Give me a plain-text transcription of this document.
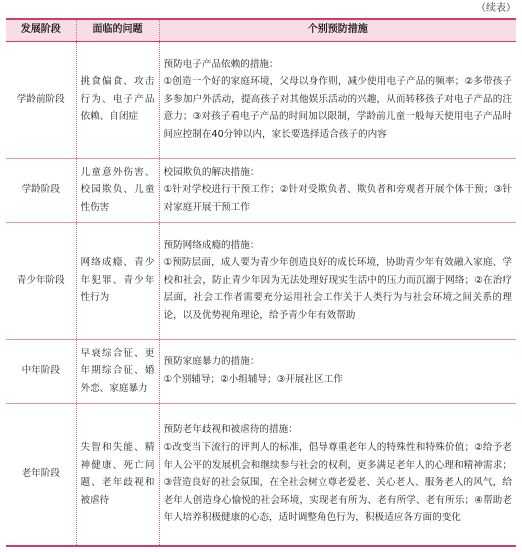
（续表）
发展阶段	面临的问题	个别预防措施
学龄前阶段	挑食偏食、攻击行为、电子产品依赖、自闭症	预防电子产品依赖的措施：
①创造一个好的家庭环境，父母以身作则，减少使用电子产品的频率；②多带孩子多参加户外活动，提高孩子对其他娱乐活动的兴趣，从而转移孩子对电子产品的注意力；③对孩子看电子产品的时间加以限制，学龄前儿童一般每天使用电子产品时间应控制在40分钟以内，家长要选择适合孩子的内容

学龄阶段	儿童意外伤害、校园欺负、儿童性伤害	校园欺负的解决措施：
①针对学校进行干预工作；②针对受欺负者、欺负者和旁观者开展个体干预；③针对家庭开展干预工作

青少年阶段	网络成瘾、青少年犯罪、青少年性行为	预防网络成瘾的措施：
①预防层面，成人要为青少年创造良好的成长环境，协助青少年有效融入家庭、学校和社会，防止青少年因为无法处理好现实生活中的压力而沉溺于网络；②在治疗层面，社会工作者需要充分运用社会工作关于人类行为与社会环境之间关系的理论，以及优势视角理论，给予青少年有效帮助

中年阶段	早衰综合征、更年期综合征、婚外恋、家庭暴力	预防家庭暴力的措施：
①个别辅导；②小组辅导；③开展社区工作

老年阶段	失智和失能、精神健康、死亡问题、老年歧视和被虐待	预防老年歧视和被虐待的措施：
①改变当下流行的评判人的标准，倡导尊重老年人的特殊性和特殊价值；②给予老年人公平的发展机会和继续参与社会的权利，更多满足老年人的心理和精神需求；③营造良好的社会氛围，在全社会树立尊老爱老、关心老人、服务老人的风气，给老年人创造身心愉悦的社会环境，实现老有所为、老有所学、老有所乐；④帮助老年人培养积极健康的心态，适时调整角色行为，积极适应各方面的变化
